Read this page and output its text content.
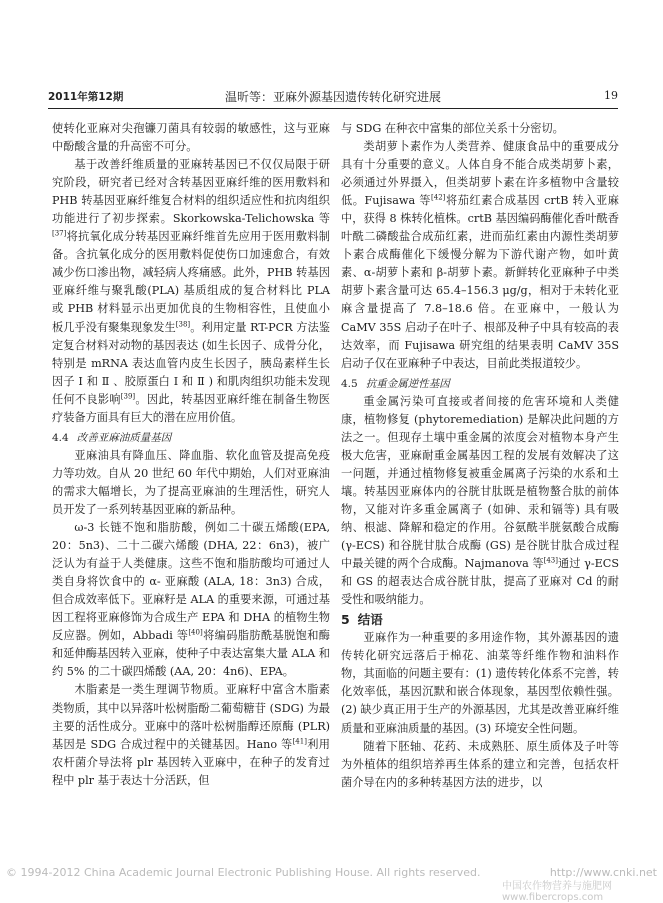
2011年第12期	温昕等：亚麻外源基因遗传转化研究进展	19

使转化亚麻对尖孢镰刀菌具有较弱的敏感性，这与亚麻中酚酸含量的升高密不可分。

基于改善纤维质量的亚麻转基因已不仅仅局限于研究阶段，研究者已经对含转基因亚麻纤维的医用敷料和 PHB 转基因亚麻纤维复合材料的组织适应性和抗肉组织功能进行了初步探索。Skorkowska-Telichowska 等[37]将抗氧化成分转基因亚麻纤维首先应用于医用敷料制备。含抗氧化成分的医用敷料促使伤口加速愈合，有效减少伤口渗出物，减轻病人疼痛感。此外，PHB 转基因亚麻纤维与聚乳酸(PLA) 基质组成的复合材料比 PLA 或 PHB 材料显示出更加优良的生物相容性，且使血小板几乎没有聚集现象发生[38]。利用定量 RT-PCR 方法鉴定复合材料对动物的基因表达 (如生长因子、成骨分化，特别是 mRNA 表达血管内皮生长因子，胰岛素样生长因子 Ⅰ 和 Ⅱ 、胶原蛋白 Ⅰ 和 Ⅱ ) 和肌肉组织功能未发现任何不良影响[39]。因此，转基因亚麻纤维在制备生物医疗装备方面具有巨大的潜在应用价值。

4.4 改善亚麻油质量基因

亚麻油具有降血压、降血脂、软化血管及提高免疫力等功效。自从 20 世纪 60 年代中期始，人们对亚麻油的需求大幅增长，为了提高亚麻油的生理活性，研究人员开发了一系列转基因亚麻的新品种。

ω-3 长链不饱和脂肪酸，例如二十碳五烯酸(EPA, 20：5n3)、二十二碳六烯酸 (DHA, 22：6n3)，被广泛认为有益于人类健康。这些不饱和脂肪酸均可通过人类自身将饮食中的 α- 亚麻酸 (ALA, 18：3n3) 合成，但合成效率低下。亚麻籽是 ALA 的重要来源，可通过基因工程将亚麻修饰为合成生产 EPA 和 DHA 的植物生物反应器。例如，Abbadi 等[40]将编码脂肪酰基脱饱和酶和延伸酶基因转入亚麻，使种子中表达富集大量 ALA 和约 5% 的二十碳四烯酸 (AA, 20：4n6)、EPA。

木脂素是一类生理调节物质。亚麻籽中富含木脂素类物质，其中以异落叶松树脂酚二葡萄糖苷 (SDG) 为最主要的活性成分。亚麻中的落叶松树脂醇还原酶 (PLR) 基因是 SDG 合成过程中的关键基因。Hano 等[41]利用农杆菌介导法将 plr 基因转入亚麻中，在种子的发育过程中 plr 基于表达十分活跃，但

与 SDG 在种衣中富集的部位关系十分密切。

类胡萝卜素作为人类营养、健康食品中的重要成分具有十分重要的意义。人体自身不能合成类胡萝卜素，必须通过外界摄入，但类胡萝卜素在许多植物中含量较低。Fujisawa 等[42]将茄红素合成基因 crtB 转入亚麻中，获得 8 株转化植株。crtB 基因编码酶催化香叶酰香叶酰二磷酸盐合成茄红素，进而茄红素由内源性类胡萝卜素合成酶催化下缓慢分解为下游代谢产物，如叶黄素、α-胡萝卜素和 β-胡萝卜素。新鲜转化亚麻种子中类胡萝卜素含量可达 65.4–156.3 μg/g，相对于未转化亚麻含量提高了 7.8–18.6 倍。在亚麻中，一般认为 CaMV 35S 启动子在叶子、根部及种子中具有较高的表达效率，而 Fujisawa 研究组的结果表明 CaMV 35S 启动子仅在亚麻种子中表达，目前此类报道较少。

4.5 抗重金属逆性基因

重金属污染可直接或者间接的危害环境和人类健康，植物修复 (phytoremediation) 是解决此问题的方法之一。但现存土壤中重金属的浓度会对植物本身产生极大危害，亚麻耐重金属基因工程的发展有效解决了这一问题，并通过植物修复被重金属离子污染的水系和土壤。转基因亚麻体内的谷胱甘肽既是植物螯合肽的前体物，又能对许多重金属离子 (如砷、汞和镉等) 具有吸纳、根滤、降解和稳定的作用。谷氨酰半胱氨酸合成酶 (γ-ECS) 和谷胱甘肽合成酶 (GS) 是谷胱甘肽合成过程中最关键的两个合成酶。Najmanova 等[43]通过 γ-ECS 和 GS 的超表达合成谷胱甘肽，提高了亚麻对 Cd 的耐受性和吸纳能力。

5 结语

亚麻作为一种重要的多用途作物，其外源基因的遗传转化研究远落后于棉花、油菜等纤维作物和油料作物，其面临的问题主要有：(1) 遗传转化体系不完善，转化效率低，基因沉默和嵌合体现象，基因型依赖性强。(2) 缺少真正用于生产的外源基因，尤其是改善亚麻纤维质量和亚麻油质量的基因。(3) 环境安全性问题。

随着下胚轴、花药、未成熟胚、原生质体及子叶等为外植体的组织培养再生体系的建立和完善，包括农杆菌介导在内的多种转基因方法的进步，以

© 1994-2012 China Academic Journal Electronic Publishing House. All rights reserved.	http://www.cnki.net
中国农作物营养与施肥网 www.fibercrops.com
